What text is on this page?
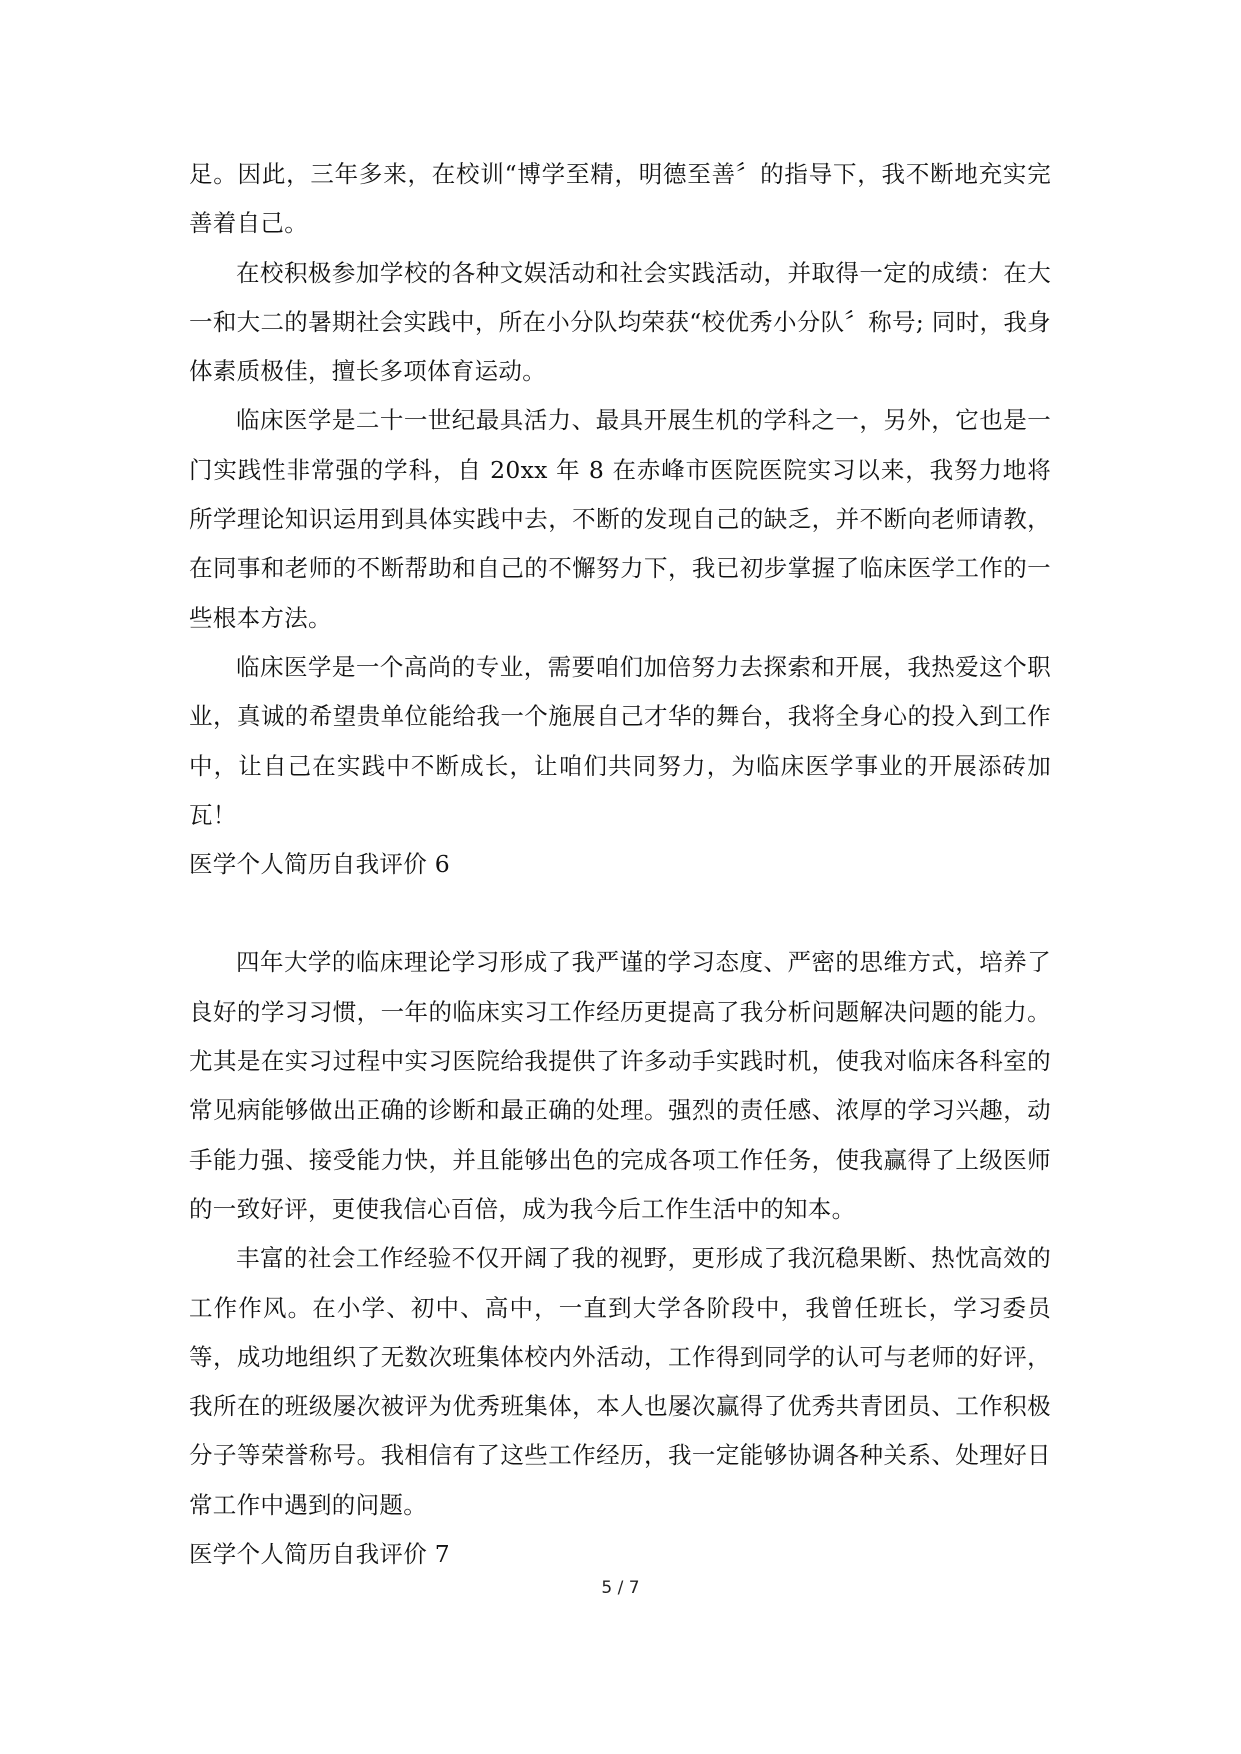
足。因此，三年多来，在校训“博学至精，明德至善〞的指导下，我不断地充实完善着自己。

在校积极参加学校的各种文娱活动和社会实践活动，并取得一定的成绩：在大一和大二的暑期社会实践中，所在小分队均荣获“校优秀小分队〞称号; 同时，我身体素质极佳，擅长多项体育运动。

临床医学是二十一世纪最具活力、最具开展生机的学科之一，另外，它也是一门实践性非常强的学科，自 20xx 年 8 在赤峰市医院医院实习以来，我努力地将所学理论知识运用到具体实践中去，不断的发现自己的缺乏，并不断向老师请教，在同事和老师的不断帮助和自己的不懈努力下，我已初步掌握了临床医学工作的一些根本方法。

临床医学是一个高尚的专业，需要咱们加倍努力去探索和开展，我热爱这个职业，真诚的希望贵单位能给我一个施展自己才华的舞台，我将全身心的投入到工作中，让自己在实践中不断成长，让咱们共同努力，为临床医学事业的开展添砖加瓦！

医学个人简历自我评价 6

四年大学的临床理论学习形成了我严谨的学习态度、严密的思维方式，培养了良好的学习习惯，一年的临床实习工作经历更提高了我分析问题解决问题的能力。尤其是在实习过程中实习医院给我提供了许多动手实践时机，使我对临床各科室的常见病能够做出正确的诊断和最正确的处理。强烈的责任感、浓厚的学习兴趣，动手能力强、接受能力快，并且能够出色的完成各项工作任务，使我赢得了上级医师的一致好评，更使我信心百倍，成为我今后工作生活中的知本。

丰富的社会工作经验不仅开阔了我的视野，更形成了我沉稳果断、热忱高效的工作作风。在小学、初中、高中，一直到大学各阶段中，我曾任班长，学习委员等，成功地组织了无数次班集体校内外活动，工作得到同学的认可与老师的好评，我所在的班级屡次被评为优秀班集体，本人也屡次赢得了优秀共青团员、工作积极分子等荣誉称号。我相信有了这些工作经历，我一定能够协调各种关系、处理好日常工作中遇到的问题。

医学个人简历自我评价 7

5 / 7
